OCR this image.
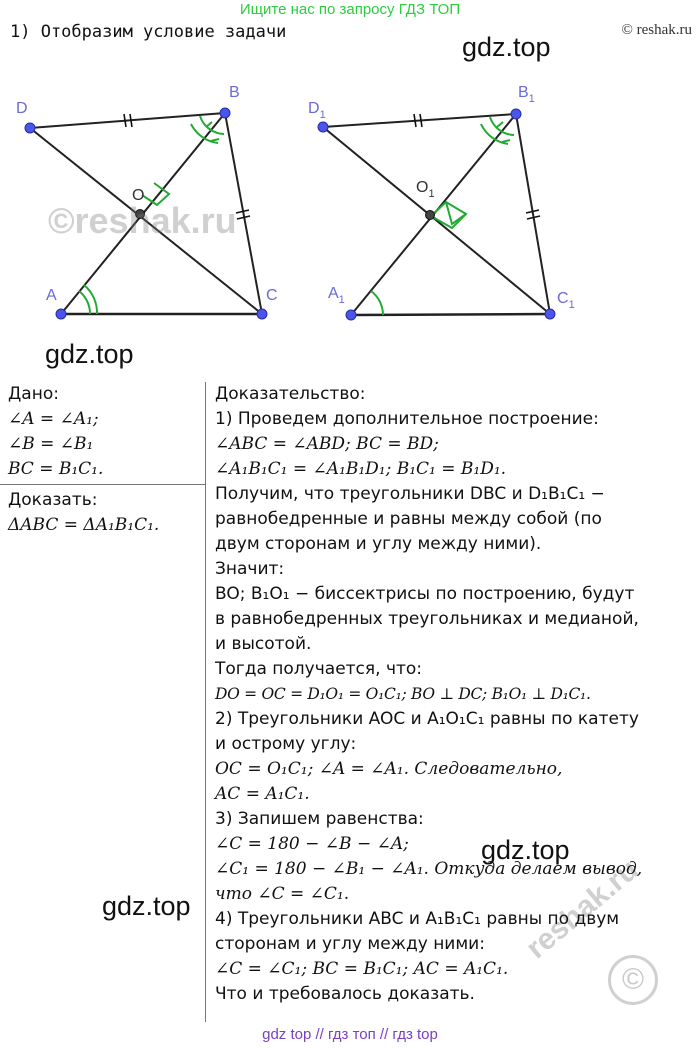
Ищите нас по запросу ГДЗ ТОП
© reshak.ru
1) Отобразим условие задачи
D
B
O
A	C
$D_1$
$B_1$
$O_1$
$A_1$	$C_1$
©reshak.ru
gdz.top
gdz.top
gdz.top
gdz.top	reshak.ru
©
Дано:
∠A = ∠A₁;
∠B = ∠B₁
BC = B₁C₁.
Доказать:
ΔABC = ΔA₁B₁C₁.
Доказательство:
1) Проведем дополнительное построение:
∠ABC = ∠ABD; BC = BD;
∠A₁B₁C₁ = ∠A₁B₁D₁; B₁C₁ = B₁D₁.
Получим, что треугольники DBC и D₁B₁C₁ −
равнобедренные и равны между собой (по
двум сторонам и углу между ними).
Значит:
BO; B₁O₁ − биссектрисы по построению, будут
в равнобедренных треугольниках и медианой,
и высотой.
Тогда получается, что:
DO = OC = D₁O₁ = O₁C₁; BO ⊥ DC; B₁O₁ ⊥ D₁C₁.
2) Треугольники AOC и A₁O₁C₁ равны по катету
и острому углу:
OC = O₁C₁; ∠A = ∠A₁. Следовательно,
AC = A₁C₁.
3) Запишем равенства:
∠C = 180 − ∠B − ∠A;
∠C₁ = 180 − ∠B₁ − ∠A₁. Откуда делаем вывод,
что ∠C = ∠C₁.
4) Треугольники ABC и A₁B₁C₁ равны по двум
сторонам и углу между ними:
∠C = ∠C₁; BC = B₁C₁; AC = A₁C₁.
Что и требовалось доказать.
gdz top // гдз топ // гдз top
